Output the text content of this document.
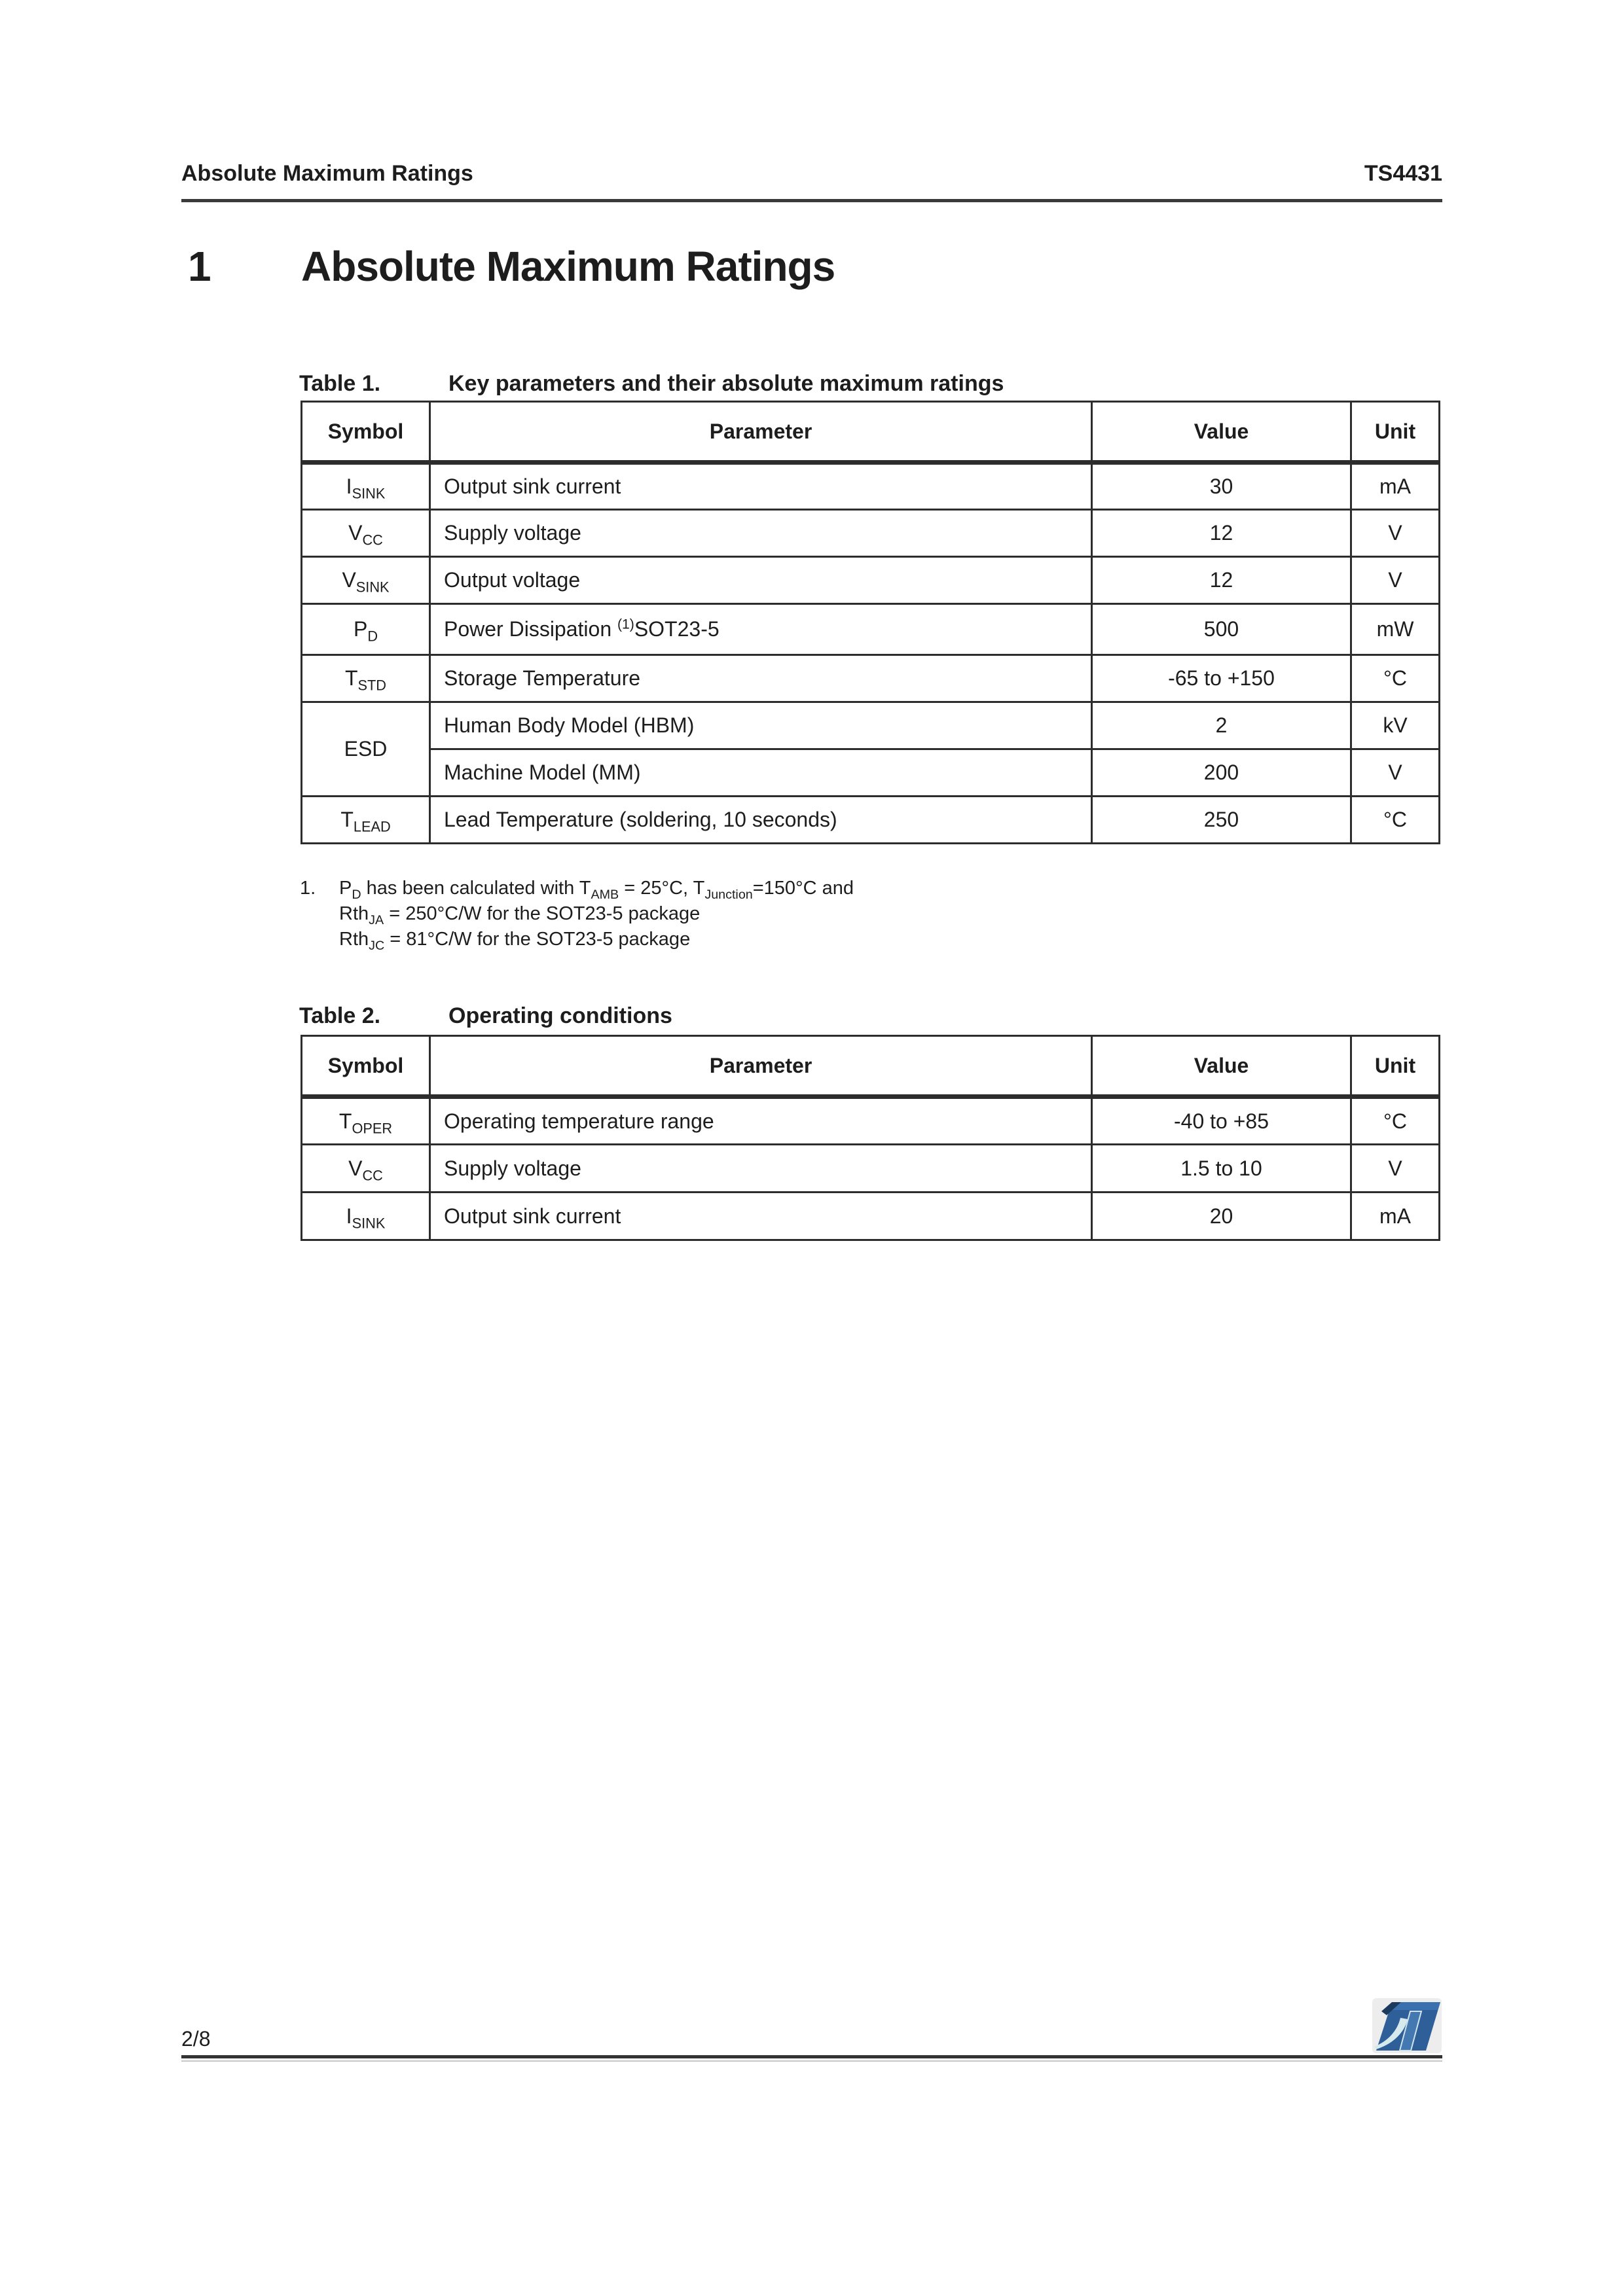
Absolute Maximum Ratings	TS4431
1	Absolute Maximum Ratings
Table 1.	Key parameters and their absolute maximum ratings
Symbol	Parameter	Value	Unit
$I_{SINK}$	Output sink current	30	mA
$V_{CC}$	Supply voltage	12	V
$V_{SINK}$	Output voltage	12	V
$P_D$	Power Dissipation $^{(1)}$SOT23-5	500	mW
$T_{STD}$	Storage Temperature	-65 to +150	°C
ESD	Human Body Model (HBM)	2	kV
	Machine Model (MM)	200	V
$T_{LEAD}$	Lead Temperature (soldering, 10 seconds)	250	°C
1.	$P_D$ has been calculated with $T_{AMB} = 25^\circ C$, $T_{Junction}=150^\circ C$ and
Rth$_{JA}$ = 250°C/W for the SOT23-5 package
Rth$_{JC}$ = 81°C/W for the SOT23-5 package
Table 2.	Operating conditions
Symbol	Parameter	Value	Unit
$T_{OPER}$	Operating temperature range	-40 to +85	°C
$V_{CC}$	Supply voltage	1.5 to 10	V
$I_{SINK}$	Output sink current	20	mA
2/8
